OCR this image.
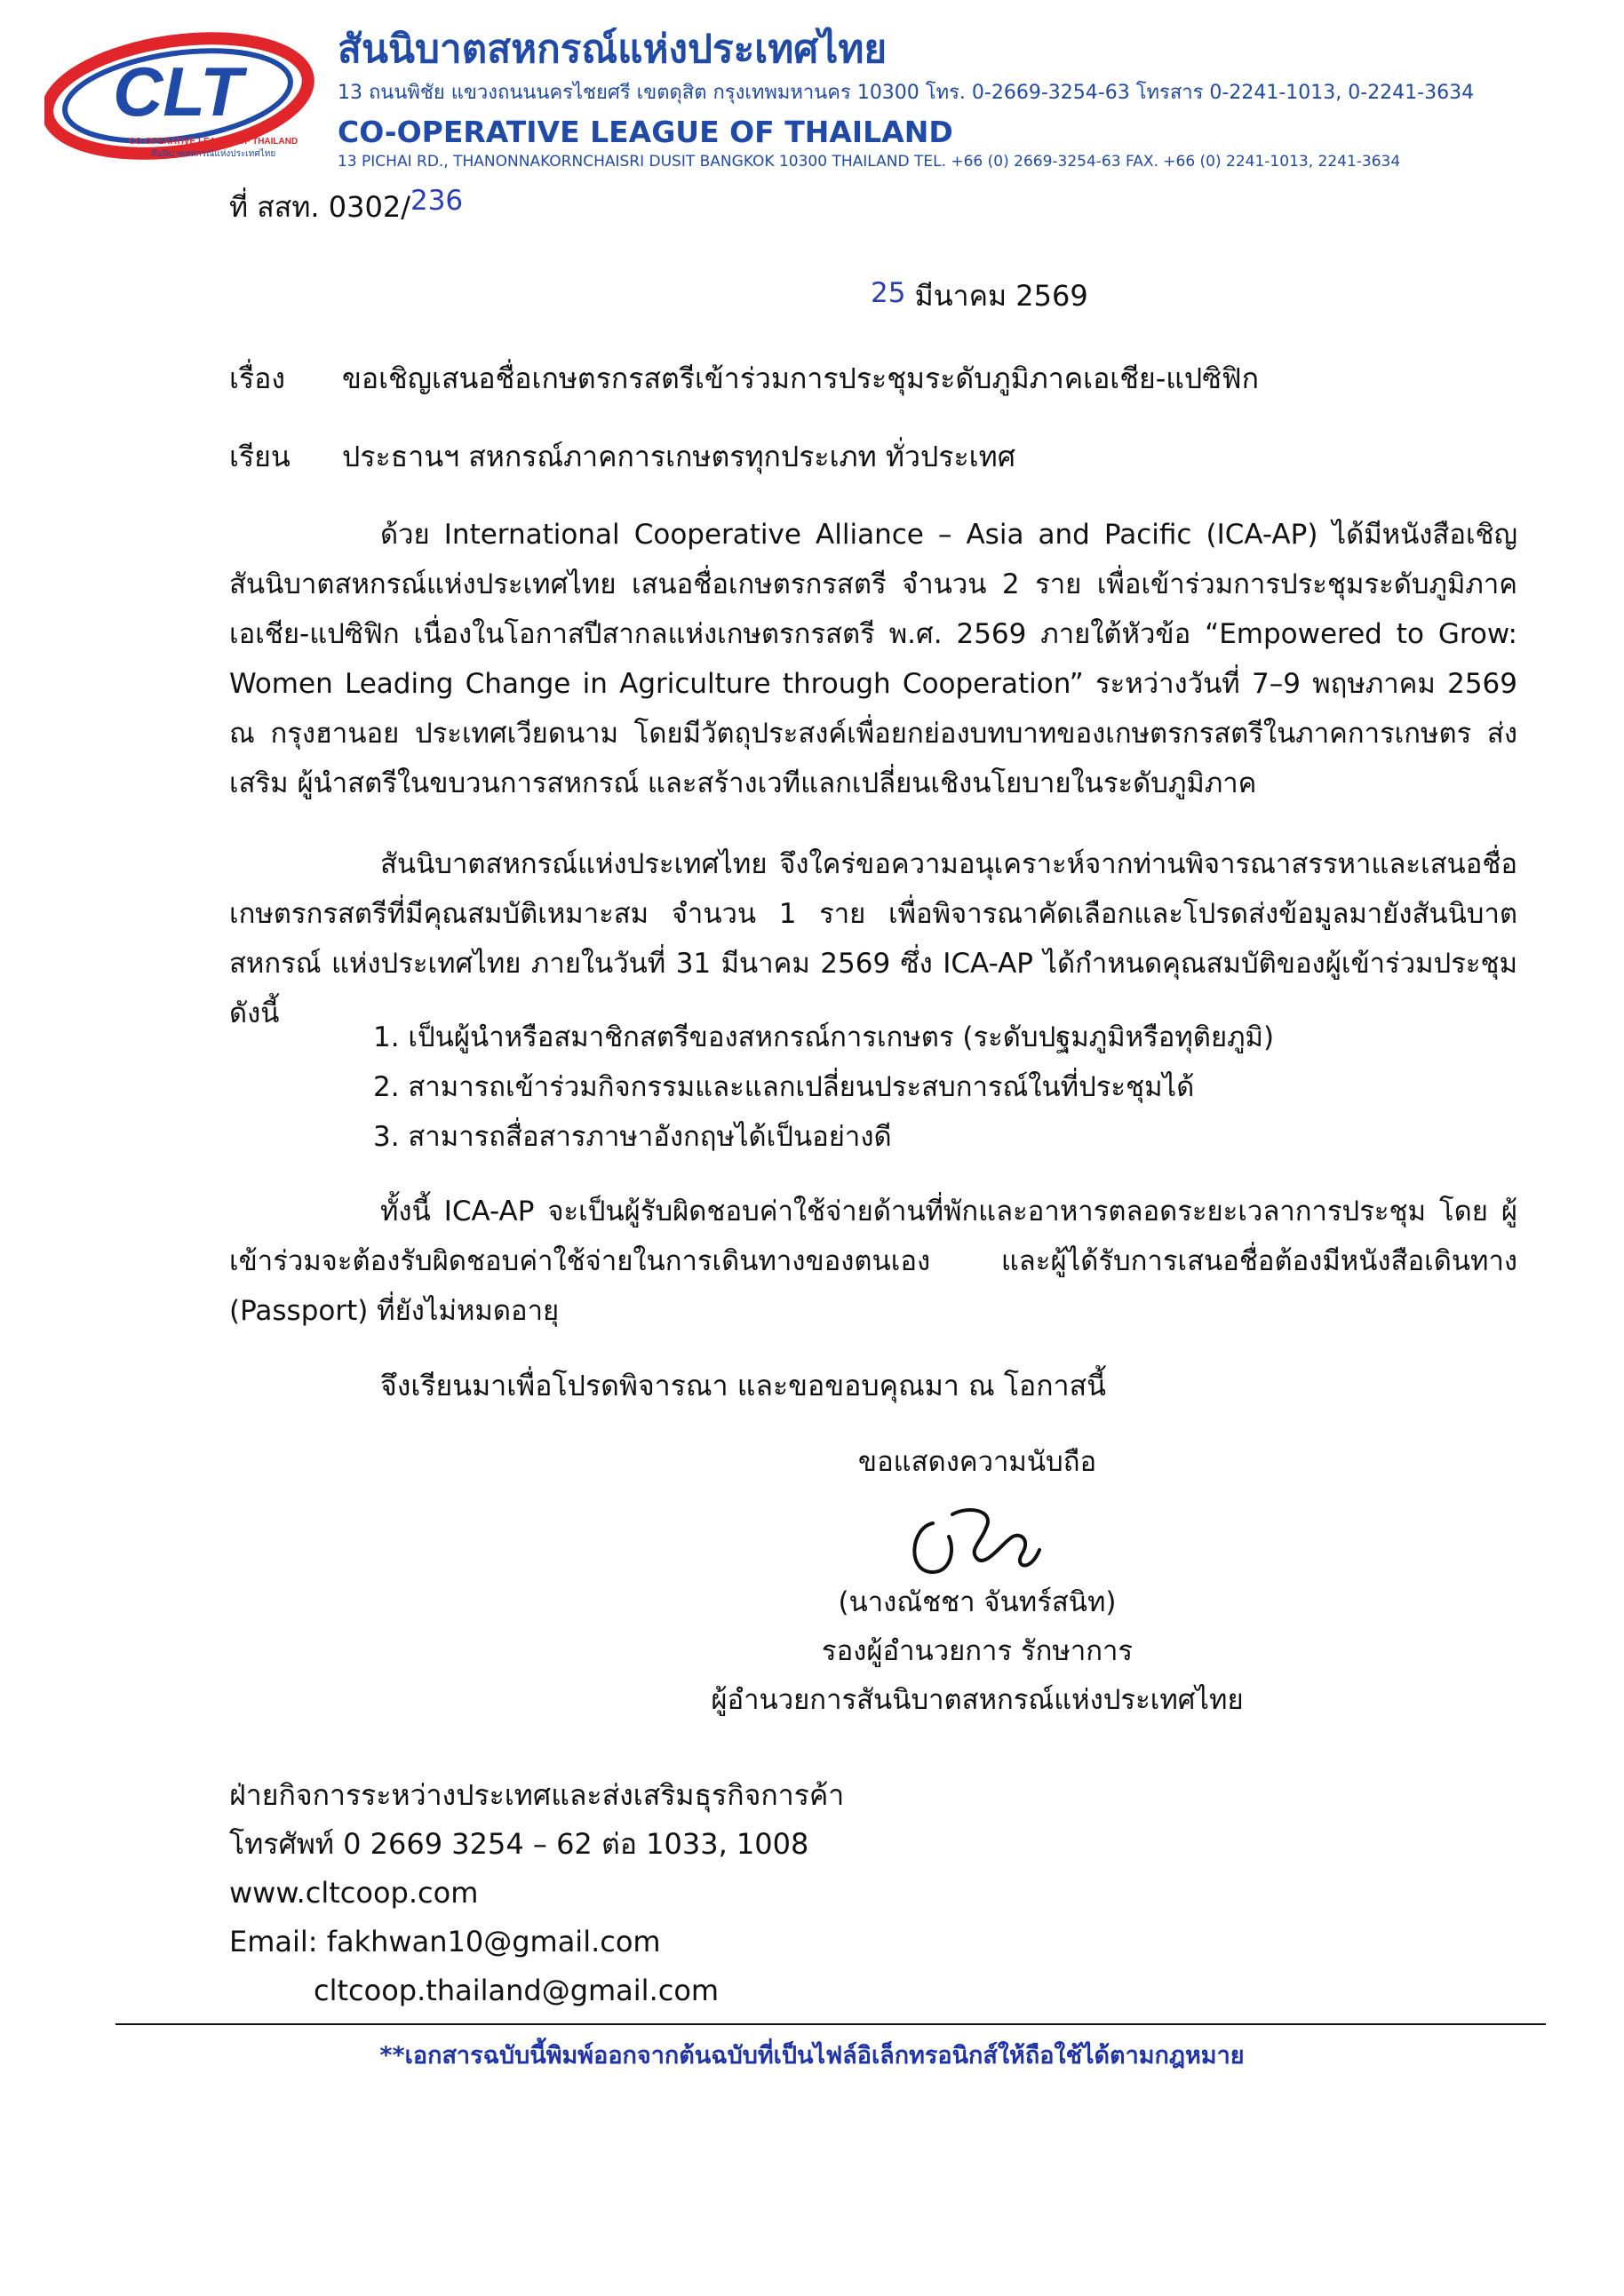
CLT
CO-OPERATIVE LEAGUE OF THAILAND
สันนิบาตสหกรณ์แห่งประเทศไทย
สันนิบาตสหกรณ์แห่งประเทศไทย
13 ถนนพิชัย แขวงถนนนครไชยศรี เขตดุสิต กรุงเทพมหานคร 10300 โทร. 0-2669-3254-63 โทรสาร 0-2241-1013, 0-2241-3634
CO-OPERATIVE LEAGUE OF THAILAND
13 PICHAI RD., THANONNAKORNCHAISRI DUSIT BANGKOK 10300 THAILAND TEL. +66 (0) 2669-3254-63 FAX. +66 (0) 2241-1013, 2241-3634
ที่ สสท. 0302/236
25 มีนาคม 2569
เรื่อง ขอเชิญเสนอชื่อเกษตรกรสตรีเข้าร่วมการประชุมระดับภูมิภาคเอเชีย-แปซิฟิก
เรียน ประธานฯ สหกรณ์ภาคการเกษตรทุกประเภท ทั่วประเทศ
ด้วย International Cooperative Alliance – Asia and Pacific (ICA-AP) ได้มีหนังสือเชิญ สันนิบาตสหกรณ์แห่งประเทศไทย เสนอชื่อเกษตรกรสตรี จำนวน 2 ราย เพื่อเข้าร่วมการประชุมระดับภูมิภาค เอเชีย-แปซิฟิก เนื่องในโอกาสปีสากลแห่งเกษตรกรสตรี พ.ศ. 2569 ภายใต้หัวข้อ “Empowered to Grow: Women Leading Change in Agriculture through Cooperation” ระหว่างวันที่ 7–9 พฤษภาคม 2569 ณ กรุงฮานอย ประเทศเวียดนาม โดยมีวัตถุประสงค์เพื่อยกย่องบทบาทของเกษตรกรสตรีในภาคการเกษตร ส่งเสริม ผู้นำสตรีในขบวนการสหกรณ์ และสร้างเวทีแลกเปลี่ยนเชิงนโยบายในระดับภูมิภาค
สันนิบาตสหกรณ์แห่งประเทศไทย จึงใคร่ขอความอนุเคราะห์จากท่านพิจารณาสรรหาและเสนอชื่อ เกษตรกรสตรีที่มีคุณสมบัติเหมาะสม จำนวน 1 ราย เพื่อพิจารณาคัดเลือกและโปรดส่งข้อมูลมายังสันนิบาตสหกรณ์ แห่งประเทศไทย ภายในวันที่ 31 มีนาคม 2569 ซึ่ง ICA-AP ได้กำหนดคุณสมบัติของผู้เข้าร่วมประชุม ดังนี้
1. เป็นผู้นำหรือสมาชิกสตรีของสหกรณ์การเกษตร (ระดับปฐมภูมิหรือทุติยภูมิ)
2. สามารถเข้าร่วมกิจกรรมและแลกเปลี่ยนประสบการณ์ในที่ประชุมได้
3. สามารถสื่อสารภาษาอังกฤษได้เป็นอย่างดี
ทั้งนี้ ICA-AP จะเป็นผู้รับผิดชอบค่าใช้จ่ายด้านที่พักและอาหารตลอดระยะเวลาการประชุม โดย ผู้เข้าร่วมจะต้องรับผิดชอบค่าใช้จ่ายในการเดินทางของตนเอง และผู้ได้รับการเสนอชื่อต้องมีหนังสือเดินทาง (Passport) ที่ยังไม่หมดอายุ
จึงเรียนมาเพื่อโปรดพิจารณา และขอขอบคุณมา ณ โอกาสนี้
ขอแสดงความนับถือ
(นางณัชชา จันทร์สนิท)
รองผู้อำนวยการ รักษาการ
ผู้อำนวยการสันนิบาตสหกรณ์แห่งประเทศไทย
ฝ่ายกิจการระหว่างประเทศและส่งเสริมธุรกิจการค้า
โทรศัพท์ 0 2669 3254 – 62 ต่อ 1033, 1008
www.cltcoop.com
Email: fakhwan10@gmail.com
cltcoop.thailand@gmail.com
**เอกสารฉบับนี้พิมพ์ออกจากต้นฉบับที่เป็นไฟล์อิเล็กทรอนิกส์ให้ถือใช้ได้ตามกฎหมาย
